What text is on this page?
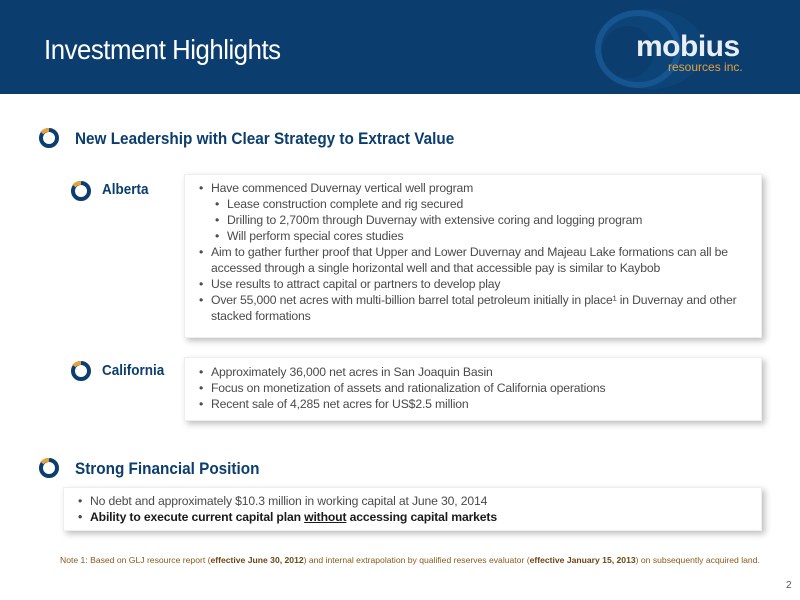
Investment Highlights	mobius
resources inc.
New Leadership with Clear Strategy to Extract Value
Alberta	• Have commenced Duvernay vertical well program
• Lease construction complete and rig secured
• Drilling to 2,700m through Duvernay with extensive coring and logging program
• Will perform special cores studies
• Aim to gather further proof that Upper and Lower Duvernay and Majeau Lake formations can all be accessed through a single horizontal well and that accessible pay is similar to Kaybob
• Use results to attract capital or partners to develop play
• Over 55,000 net acres with multi-billion barrel total petroleum initially in place¹ in Duvernay and other stacked formations
California	• Approximately 36,000 net acres in San Joaquin Basin
• Focus on monetization of assets and rationalization of California operations
• Recent sale of 4,285 net acres for US$2.5 million
Strong Financial Position
• No debt and approximately $10.3 million in working capital at June 30, 2014
• Ability to execute current capital plan without accessing capital markets
Note 1: Based on GLJ resource report (effective June 30, 2012) and internal extrapolation by qualified reserves evaluator (effective January 15, 2013) on subsequently acquired land.
2
